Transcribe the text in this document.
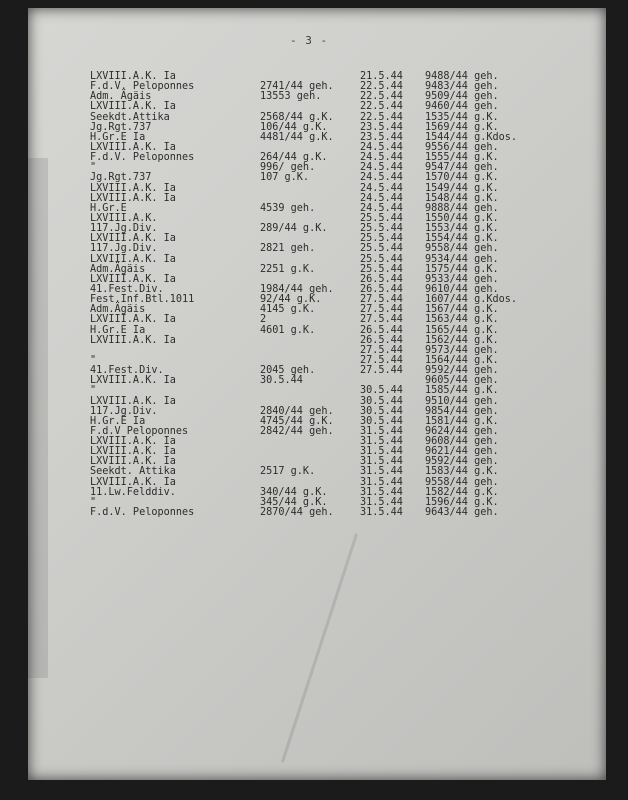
- 3 -
LXVIII.A.K. Ia	21.5.44 9488/44 geh.
F.d.V. Peloponnes	2741/44 geh.	22.5.44 9483/44 geh.
Adm. Ägäis	13553 geh.	22.5.44 9509/44 geh.
LXVIII.A.K. Ia	22.5.44 9460/44 geh.
Seekdt.Attika	2568/44 g.K.	22.5.44 1535/44 g.K.
Jg.Rgt.737	106/44 g.K.	23.5.44 1569/44 g.K.
H.Gr.E Ia	4481/44 g.K.	23.5.44 1544/44 g.Kdos.
LXVIII.A.K. Ia	24.5.44 9556/44 geh.
F.d.V. Peloponnes	264/44 g.K.	24.5.44 1555/44 g.K.
"	996/ geh.	24.5.44 9547/44 geh.
Jg.Rgt.737	107 g.K.	24.5.44 1570/44 g.K.
LXVIII.A.K. Ia	24.5.44 1549/44 g.K.
LXVIII.A.K. Ia	24.5.44 1548/44 g.K.
H.Gr.E	4539 geh.	24.5.44 9888/44 geh.
LXVIII.A.K.	25.5.44 1550/44 g.K.
117.Jg.Div.	289/44 g.K.	25.5.44 1553/44 g.K.
LXVIII.A.K. Ia	25.5.44 1554/44 g.K.
117.Jg.Div.	2821 geh.	25.5.44 9558/44 geh.
LXVIII.A.K. Ia	25.5.44 9534/44 geh.
Adm.Ägäis	2251 g.K.	25.5.44 1575/44 g.K.
LXVIII.A.K. Ia	26.5.44 9533/44 geh.
41.Fest.Div.	1984/44 geh.	26.5.44 9610/44 geh.
Fest.Inf.Btl.1011	92/44 g.K.	27.5.44 1607/44 g.Kdos.
Adm.Ägäis	4145 g.K.	27.5.44 1567/44 g.K.
LXVIII.A.K. Ia	2	27.5.44 1563/44 g.K.
H.Gr.E Ia	4601 g.K.	26.5.44 1565/44 g.K.
LXVIII.A.K. Ia	26.5.44 1562/44 g.K.
27.5.44 9573/44 geh.
"	27.5.44 1564/44 g.K.
41.Fest.Div.	2045 geh.	27.5.44 9592/44 geh.
LXVIII.A.K. Ia	30.5.44	9605/44 geh.
"	30.5.44 1585/44 g.K.
LXVIII.A.K. Ia	30.5.44 9510/44 geh.
117.Jg.Div.	2840/44 geh.	30.5.44 9854/44 geh.
H.Gr.E Ia	4745/44 g.K.	30.5.44 1581/44 g.K.
F.d.V Peloponnes	2842/44 geh.	31.5.44 9624/44 geh.
LXVIII.A.K. Ia	31.5.44 9608/44 geh.
LXVIII.A.K. Ia	31.5.44 9621/44 geh.
LXVIII.A.K. Ia	31.5.44 9592/44 geh.
Seekdt. Attika	2517 g.K.	31.5.44 1583/44 g.K.
LXVIII.A.K. Ia	31.5.44 9558/44 geh.
11.Lw.Felddiv.	340/44 g.K.	31.5.44 1582/44 g.K.
"	345/44 g.K.	31.5.44 1596/44 g.K.
F.d.V. Peloponnes	2870/44 geh.	31.5.44 9643/44 geh.
